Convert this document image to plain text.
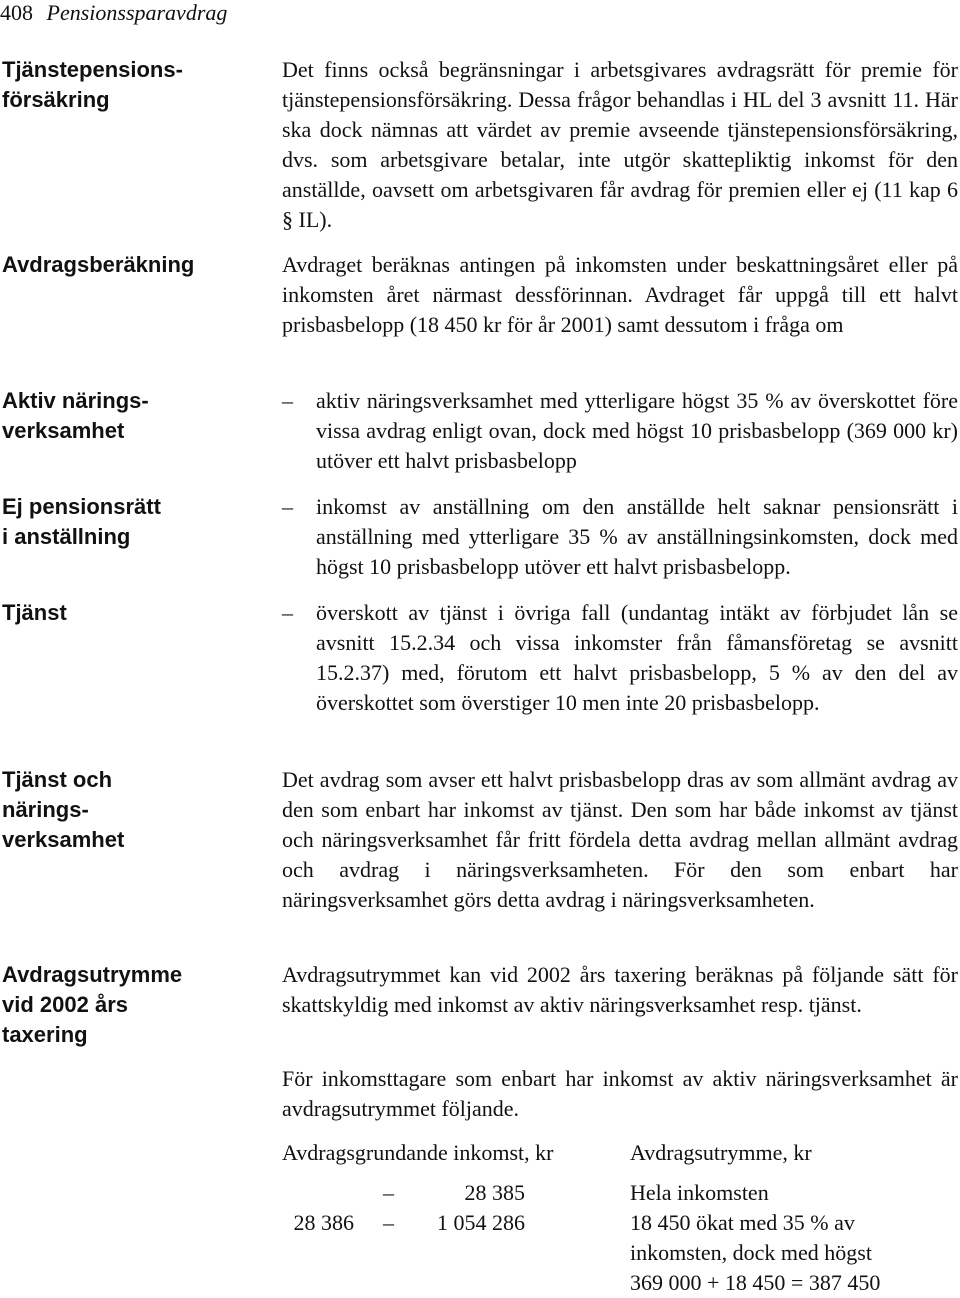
408 Pensionssparavdrag
Tjänstepensions-
försäkring
Avdragsberäkning
Aktiv närings-
verksamhet
Ej pensionsrätt
i anställning
Tjänst
Tjänst och
närings-
verksamhet
Avdragsutrymme
vid 2002 års
taxering
Det finns också begränsningar i arbetsgivares avdragsrätt för premie för tjänstepensionsförsäkring. Dessa frågor behandlas i HL del 3 avsnitt 11. Här ska dock nämnas att värdet av premie avseende tjänstepensionsförsäkring, dvs. som arbetsgivare betalar, inte utgör skattepliktig inkomst för den anställde, oavsett om arbetsgivaren får avdrag för premien eller ej (11 kap 6 § IL).
Avdraget beräknas antingen på inkomsten under beskattningsåret eller på inkomsten året närmast dessförinnan. Avdraget får uppgå till ett halvt prisbasbelopp (18 450 kr för år 2001) samt dessutom i fråga om
–	aktiv näringsverksamhet med ytterligare högst 35 % av överskottet före vissa avdrag enligt ovan, dock med högst 10 prisbasbelopp (369 000 kr) utöver ett halvt prisbasbelopp
–	inkomst av anställning om den anställde helt saknar pensionsrätt i anställning med ytterligare 35 % av anställningsinkomsten, dock med högst 10 prisbasbelopp utöver ett halvt prisbasbelopp.
–	överskott av tjänst i övriga fall (undantag intäkt av förbjudet lån se avsnitt 15.2.34 och vissa inkomster från fåmansföretag se avsnitt 15.2.37) med, förutom ett halvt prisbasbelopp, 5 % av den del av överskottet som överstiger 10 men inte 20 prisbasbelopp.
Det avdrag som avser ett halvt prisbasbelopp dras av som allmänt avdrag av den som enbart har inkomst av tjänst. Den som har både inkomst av tjänst och näringsverksamhet får fritt fördela detta avdrag mellan allmänt avdrag och avdrag i näringsverksamheten. För den som enbart har näringsverksamhet görs detta avdrag i näringsverksamheten.
Avdragsutrymmet kan vid 2002 års taxering beräknas på följande sätt för skattskyldig med inkomst av aktiv näringsverksamhet resp. tjänst.
För inkomsttagare som enbart har inkomst av aktiv näringsverksamhet är avdragsutrymmet följande.
Avdragsgrundande inkomst, kr	Avdragsutrymme, kr
–	28 385	Hela inkomsten
28 386 –	1 054 286	18 450 ökat med 35 % av
inkomsten, dock med högst
369 000 + 18 450 = 387 450
